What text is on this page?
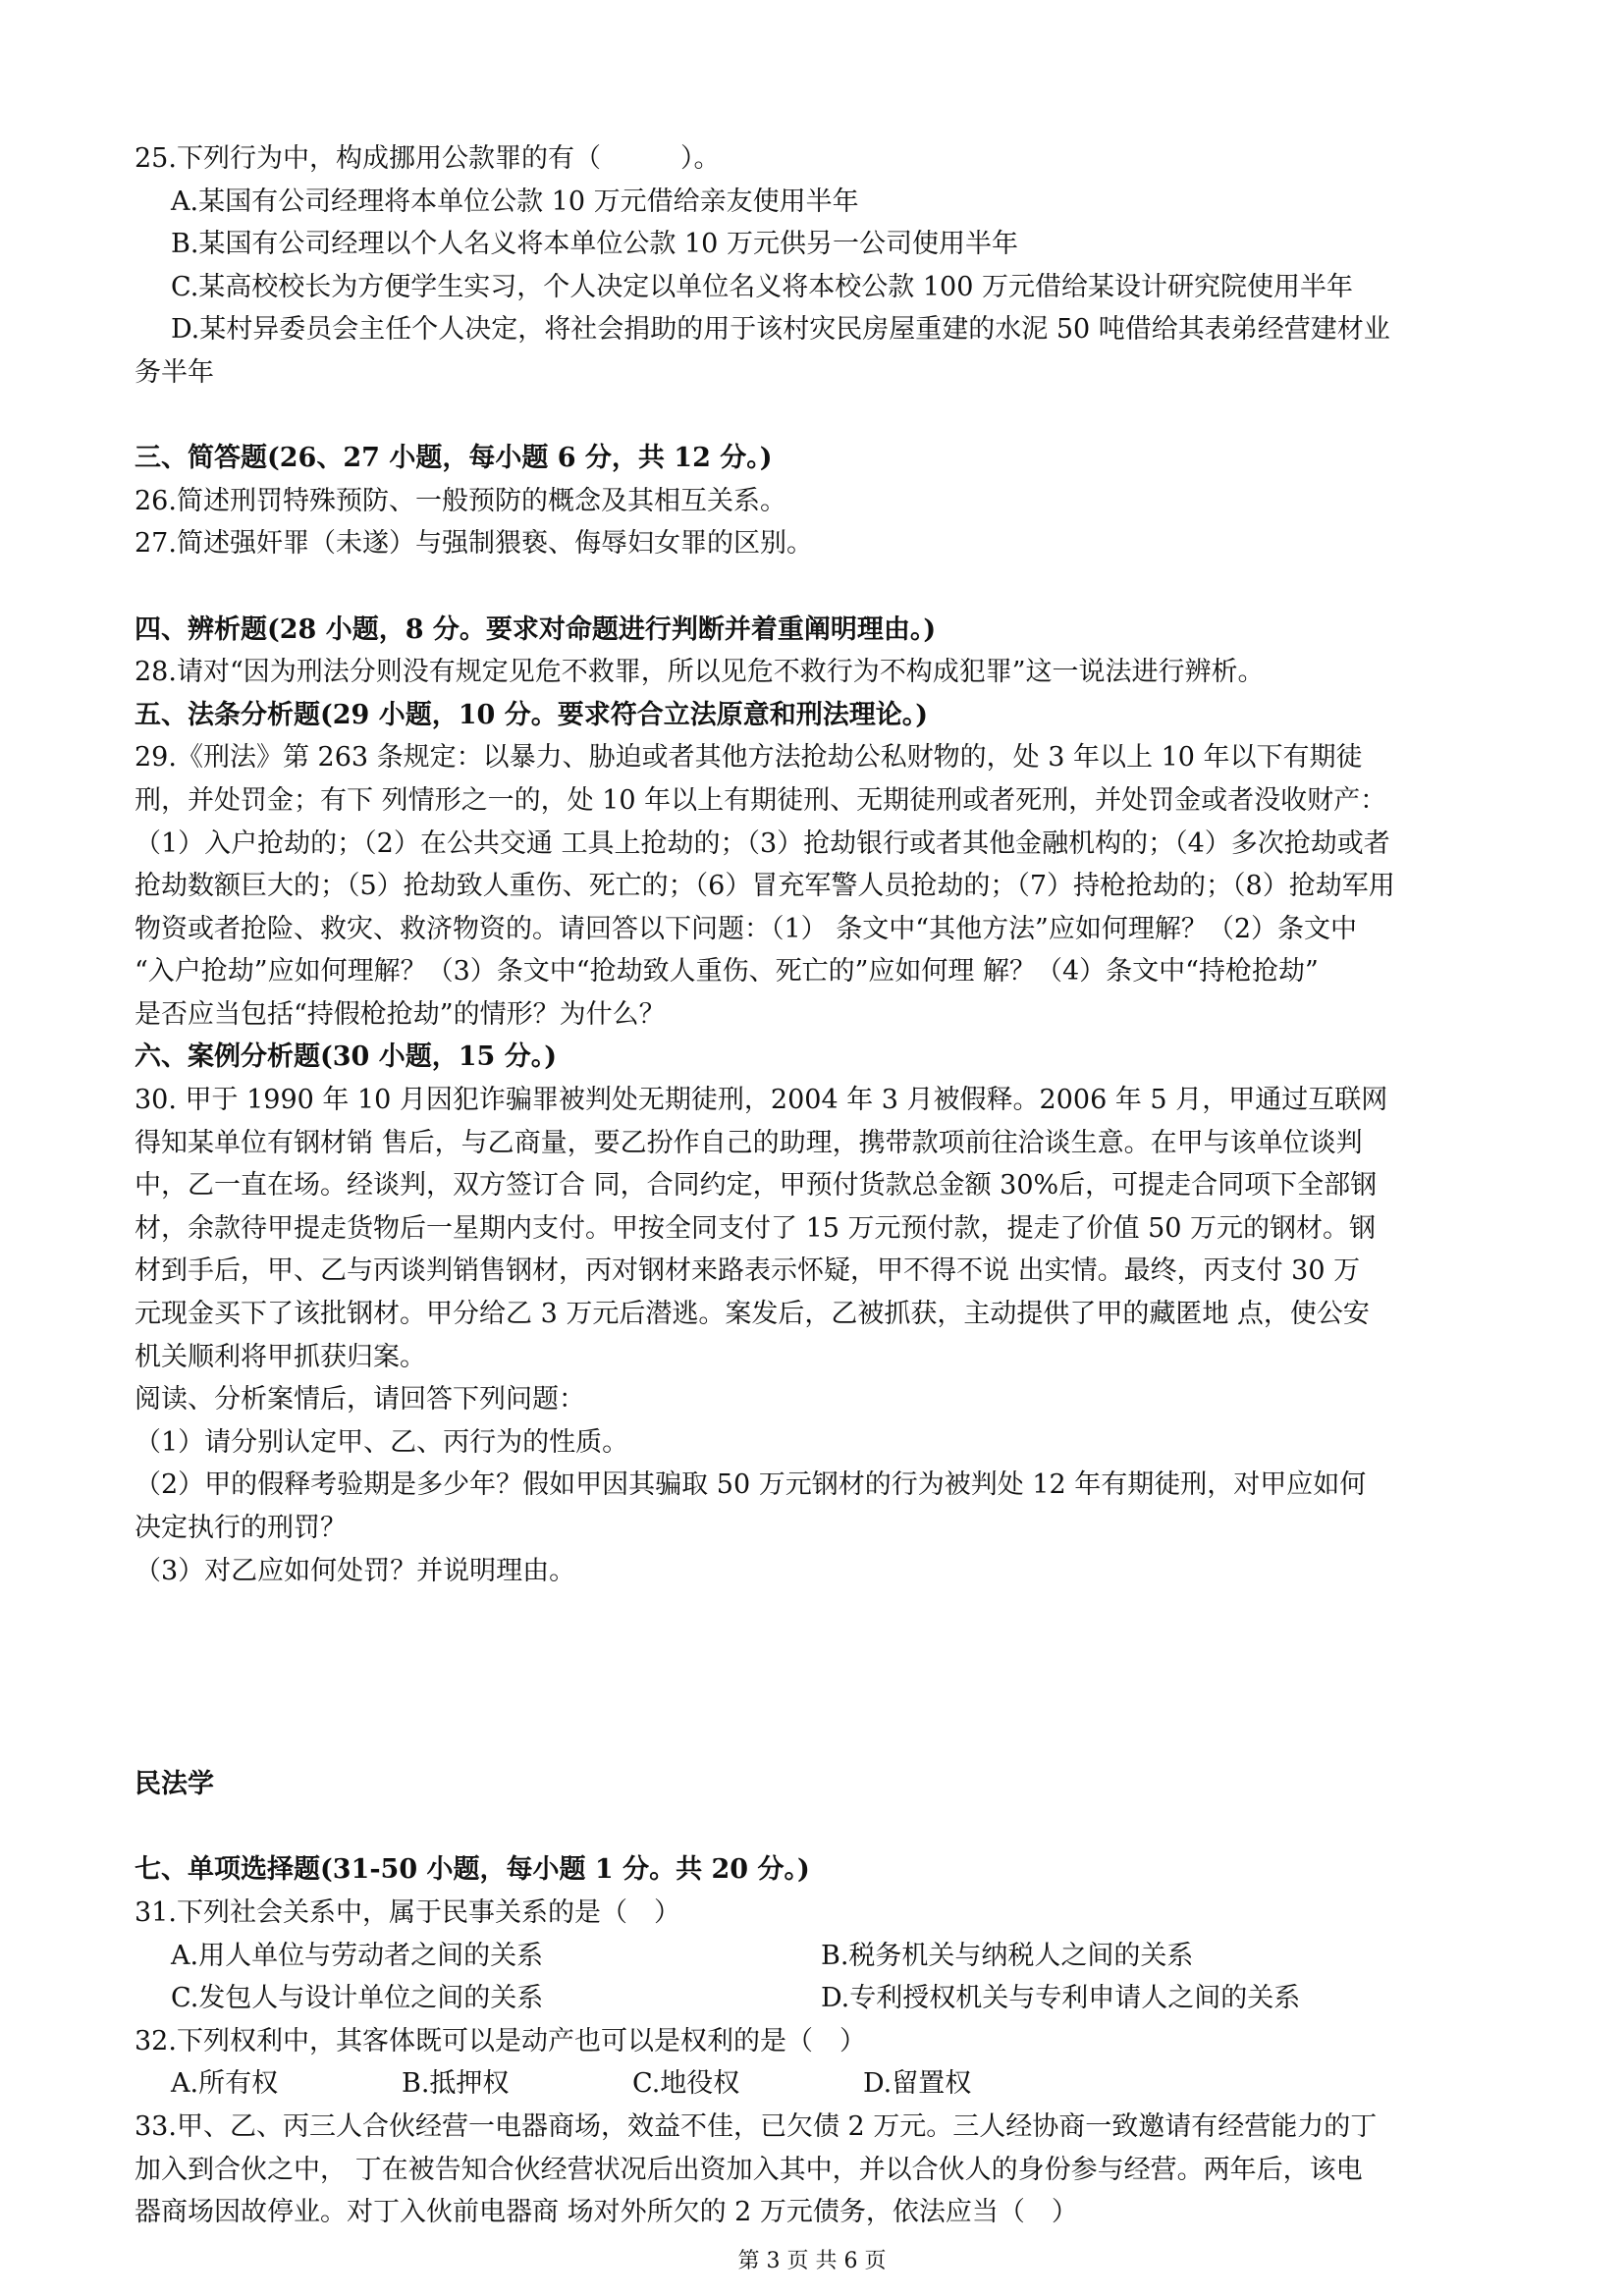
25.下列行为中，构成挪用公款罪的有（　　　）。
A.某国有公司经理将本单位公款 10 万元借给亲友使用半年
B.某国有公司经理以个人名义将本单位公款 10 万元供另一公司使用半年
C.某高校校长为方便学生实习，个人决定以单位名义将本校公款 100 万元借给某设计研究院使用半年
D.某村异委员会主任个人决定，将社会捐助的用于该村灾民房屋重建的水泥 50 吨借给其表弟经营建材业
务半年
三、简答题(26、27 小题，每小题 6 分，共 12 分。)
26.简述刑罚特殊预防、一般预防的概念及其相互关系。
27.简述强奸罪（未遂）与强制猥亵、侮辱妇女罪的区别。
四、辨析题(28 小题，8 分。要求对命题进行判断并着重阐明理由。)
28.请对“因为刑法分则没有规定见危不救罪，所以见危不救行为不构成犯罪”这一说法进行辨析。
五、法条分析题(29 小题，10 分。要求符合立法原意和刑法理论。)
29.《刑法》第 263 条规定：以暴力、胁迫或者其他方法抢劫公私财物的，处 3 年以上 10 年以下有期徒
刑，并处罚金；有下 列情形之一的，处 10 年以上有期徒刑、无期徒刑或者死刑，并处罚金或者没收财产：
（1）入户抢劫的；（2）在公共交通 工具上抢劫的；（3）抢劫银行或者其他金融机构的；（4）多次抢劫或者
抢劫数额巨大的；（5）抢劫致人重伤、死亡的；（6）冒充军警人员抢劫的；（7）持枪抢劫的；（8）抢劫军用
物资或者抢险、救灾、救济物资的。请回答以下问题：（1） 条文中“其他方法”应如何理解？（2）条文中
“入户抢劫”应如何理解？（3）条文中“抢劫致人重伤、死亡的”应如何理 解？（4）条文中“持枪抢劫”
是否应当包括“持假枪抢劫”的情形？为什么？
六、案例分析题(30 小题，15 分。)
30. 甲于 1990 年 10 月因犯诈骗罪被判处无期徒刑，2004 年 3 月被假释。2006 年 5 月，甲通过互联网
得知某单位有钢材销 售后，与乙商量，要乙扮作自己的助理，携带款项前往洽谈生意。在甲与该单位谈判
中，乙一直在场。经谈判，双方签订合 同，合同约定，甲预付货款总金额 30%后，可提走合同项下全部钢
材，余款待甲提走货物后一星期内支付。甲按全同支付了 15 万元预付款，提走了价值 50 万元的钢材。钢
材到手后，甲、乙与丙谈判销售钢材，丙对钢材来路表示怀疑，甲不得不说 出实情。最终，丙支付 30 万
元现金买下了该批钢材。甲分给乙 3 万元后潜逃。案发后，乙被抓获，主动提供了甲的藏匿地 点，使公安
机关顺利将甲抓获归案。
阅读、分析案情后，请回答下列问题：
（1）请分别认定甲、乙、丙行为的性质。
（2）甲的假释考验期是多少年？假如甲因其骗取 50 万元钢材的行为被判处 12 年有期徒刑，对甲应如何
决定执行的刑罚？
（3）对乙应如何处罚？并说明理由。
民法学
七、单项选择题(31-50 小题，每小题 1 分。共 20 分。)
31.下列社会关系中，属于民事关系的是（　）
A.用人单位与劳动者之间的关系	B.税务机关与纳税人之间的关系
C.发包人与设计单位之间的关系	D.专利授权机关与专利申请人之间的关系
32.下列权利中，其客体既可以是动产也可以是权利的是（　）
A.所有权	B.抵押权	C.地役权	D.留置权
33.甲、乙、丙三人合伙经营一电器商场，效益不佳，已欠债 2 万元。三人经协商一致邀请有经营能力的丁
加入到合伙之中， 丁在被告知合伙经营状况后出资加入其中，并以合伙人的身份参与经营。两年后，该电
器商场因故停业。对丁入伙前电器商 场对外所欠的 2 万元债务，依法应当（　）
第 3 页 共 6 页
